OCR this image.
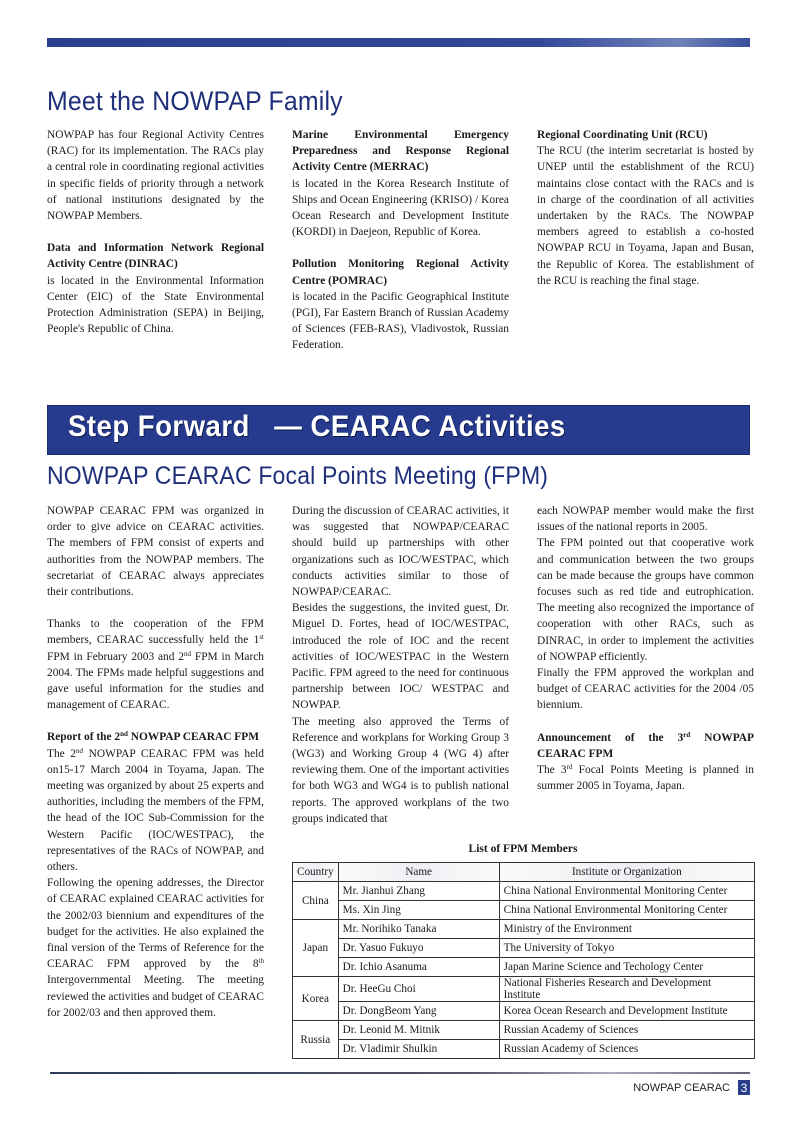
Meet the NOWPAP Family

NOWPAP has four Regional Activity Centres (RAC) for its implementation. The RACs play a central role in coordinating regional activities in specific fields of priority through a network of national institutions designated by the NOWPAP Members.

Data and Information Network Regional Activity Centre (DINRAC)

is located in the Environmental Information Center (EIC) of the State Environmental Protection Administration (SEPA) in Beijing, People's Republic of China.

Marine Environmental Emergency Preparedness and Response Regional Activity Centre (MERRAC)

is located in the Korea Research Institute of Ships and Ocean Engineering (KRISO) / Korea Ocean Research and Development Institute (KORDI) in Daejeon, Republic of Korea.

Pollution Monitoring Regional Activity Centre (POMRAC)

is located in the Pacific Geographical Institute (PGI), Far Eastern Branch of Russian Academy of Sciences (FEB-RAS), Vladivostok, Russian Federation.

Regional Coordinating Unit (RCU)

The RCU (the interim secretariat is hosted by UNEP until the establishment of the RCU) maintains close contact with the RACs and is in charge of the coordination of all activities undertaken by the RACs. The NOWPAP members agreed to establish a co-hosted NOWPAP RCU in Toyama, Japan and Busan, the Republic of Korea. The establishment of the RCU is reaching the final stage.

Step Forward   — CEARAC Activities
NOWPAP CEARAC Focal Points Meeting (FPM)

NOWPAP CEARAC FPM was organized in order to give advice on CEARAC activities. The members of FPM consist of experts and authorities from the NOWPAP members. The secretariat of CEARAC always appreciates their contributions.

Thanks to the cooperation of the FPM members, CEARAC successfully held the 1st FPM in February 2003 and 2nd FPM in March 2004. The FPMs made helpful suggestions and gave useful information for the studies and management of CEARAC.

Report of the 2nd NOWPAP CEARAC FPM

The 2nd NOWPAP CEARAC FPM was held on15-17 March 2004 in Toyama, Japan. The meeting was organized by about 25 experts and authorities, including the members of the FPM, the head of the IOC Sub-Commission for the Western Pacific (IOC/WESTPAC), the representatives of the RACs of NOWPAP, and others.

Following the opening addresses, the Director of CEARAC explained CEARAC activities for the 2002/03 biennium and expenditures of the budget for the activities. He also explained the final version of the Terms of Reference for the CEARAC FPM approved by the 8th Intergovernmental Meeting. The meeting reviewed the activities and budget of CEARAC for 2002/03 and then approved them.

During the discussion of CEARAC activities, it was suggested that NOWPAP/CEARAC should build up partnerships with other organizations such as IOC/WESTPAC, which conducts activities similar to those of NOWPAP/CEARAC.

Besides the suggestions, the invited guest, Dr. Miguel D. Fortes, head of IOC/WESTPAC, introduced the role of IOC and the recent activities of IOC/WESTPAC in the Western Pacific. FPM agreed to the need for continuous partnership between IOC/ WESTPAC and NOWPAP.

The meeting also approved the Terms of Reference and workplans for Working Group 3 (WG3) and Working Group 4 (WG 4) after reviewing them. One of the important activities for both WG3 and WG4 is to publish national reports. The approved workplans of the two groups indicated that

each NOWPAP member would make the first issues of the national reports in 2005.

The FPM pointed out that cooperative work and communication between the two groups can be made because the groups have common focuses such as red tide and eutrophication. The meeting also recognized the importance of cooperation with other RACs, such as DINRAC, in order to implement the activities of NOWPAP efficiently.

Finally the FPM approved the workplan and budget of CEARAC activities for the 2004 /05 biennium.

Announcement of the 3rd NOWPAP CEARAC FPM

The 3rd Focal Points Meeting is planned in summer 2005 in Toyama, Japan.

List of FPM Members
Country	Name	Institute or Organization
China	Mr. Jianhui Zhang	China National Environmental Monitoring Center
	Ms. Xin Jing	China National Environmental Monitoring Center
Japan	Mr. Norihiko Tanaka	Ministry of the Environment
	Dr. Yasuo Fukuyo	The University of Tokyo
	Dr. Ichio Asanuma	Japan Marine Science and Techology Center
Korea	Dr. HeeGu Choi	National Fisheries Research and Development Institute
	Dr. DongBeom Yang	Korea Ocean Research and Development Institute
Russia	Dr. Leonid M. Mitnik	Russian Academy of Sciences
	Dr. Vladimir Shulkin	Russian Academy of Sciences
NOWPAP CEARAC 3
